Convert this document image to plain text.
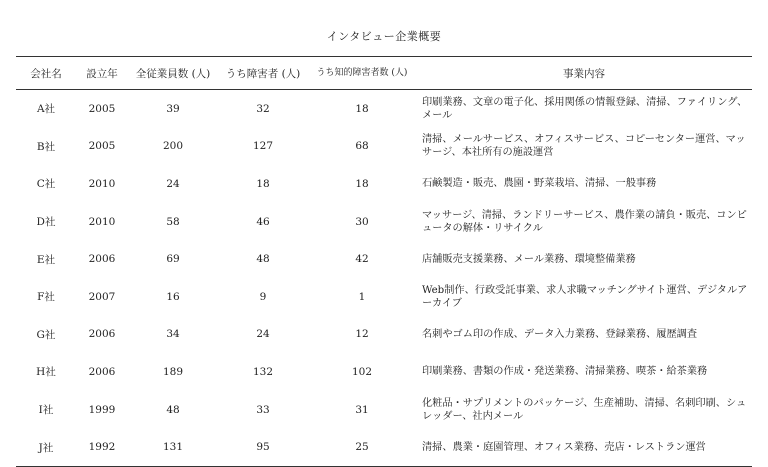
インタビュー企業概要
会社名	設立年	全従業員数 (人)	うち障害者 (人)	うち知的障害者数 (人)	事業内容
A社	2005	39	32	18	印刷業務、文章の電子化、採用関係の情報登録、清掃、ファイリング、メール
B社	2005	200	127	68	清掃、メールサービス、オフィスサービス、コピーセンター運営、マッサージ、本社所有の施設運営
C社	2010	24	18	18	石鹸製造・販売、農園・野菜栽培、清掃、一般事務
D社	2010	58	46	30	マッサージ、清掃、ランドリーサービス、農作業の請負・販売、コンピュータの解体・リサイクル
E社	2006	69	48	42	店舗販売支援業務、メール業務、環境整備業務
F社	2007	16	9	1	Web制作、行政受託事業、求人求職マッチングサイト運営、デジタルアーカイブ
G社	2006	34	24	12	名刺やゴム印の作成、データ入力業務、登録業務、履歴調査
H社	2006	189	132	102	印刷業務、書類の作成・発送業務、清掃業務、喫茶・給茶業務
I社	1999	48	33	31	化粧品・サプリメントのパッケージ、生産補助、清掃、名刺印刷、シュレッダー、社内メール
J社	1992	131	95	25	清掃、農業・庭園管理、オフィス業務、売店・レストラン運営
